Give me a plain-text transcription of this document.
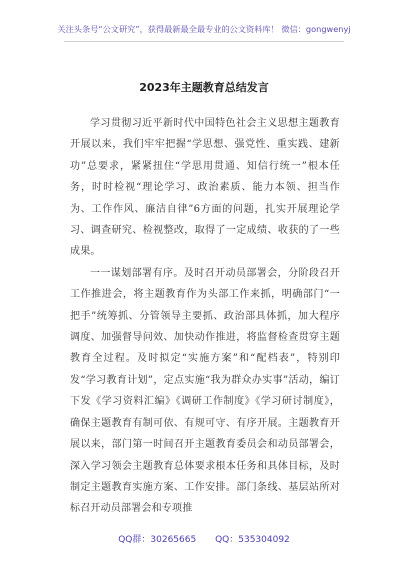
关注头条号“公文研究”，获得最新最全最专业的公文资料库！ 微信：gongwenyj
2023年主题教育总结发言

学习贯彻习近平新时代中国特色社会主义思想主题教育开展以来，我们牢牢把握“学思想、强党性、重实践、建新功”总要求，紧紧扭住“学思用贯通、知信行统一”根本任务，时时检视“理论学习、政治素质、能力本领、担当作为、工作作风、廉洁自律”6方面的问题，扎实开展理论学习、调查研究、检视整改，取得了一定成绩、收获的了一些成果。

一一谋划部署有序。及时召开动员部署会，分阶段召开工作推进会，将主题教育作为头部工作来抓，明确部门“一把手”统筹抓、分管领导主要抓、政治部具体抓，加大程序调度、加强督导问效、加快动作推进，将监督检查贯穿主题教育全过程。及时拟定“实施方案”和“配档表”，特别印发“学习教育计划”，定点实施“我为群众办实事”活动，编订下发《学习资料汇编》《调研工作制度》《学习研讨制度》，确保主题教育有制可依、有规可守、有序开展。主题教育开展以来，部门第一时间召开主题教育委员会和动员部署会，深入学习领会主题教育总体要求根本任务和具体目标，及时制定主题教育实施方案、工作安排。部门条线、基层站所对标召开动员部署会和专项推

QQ群：30265665 QQ：535304092
